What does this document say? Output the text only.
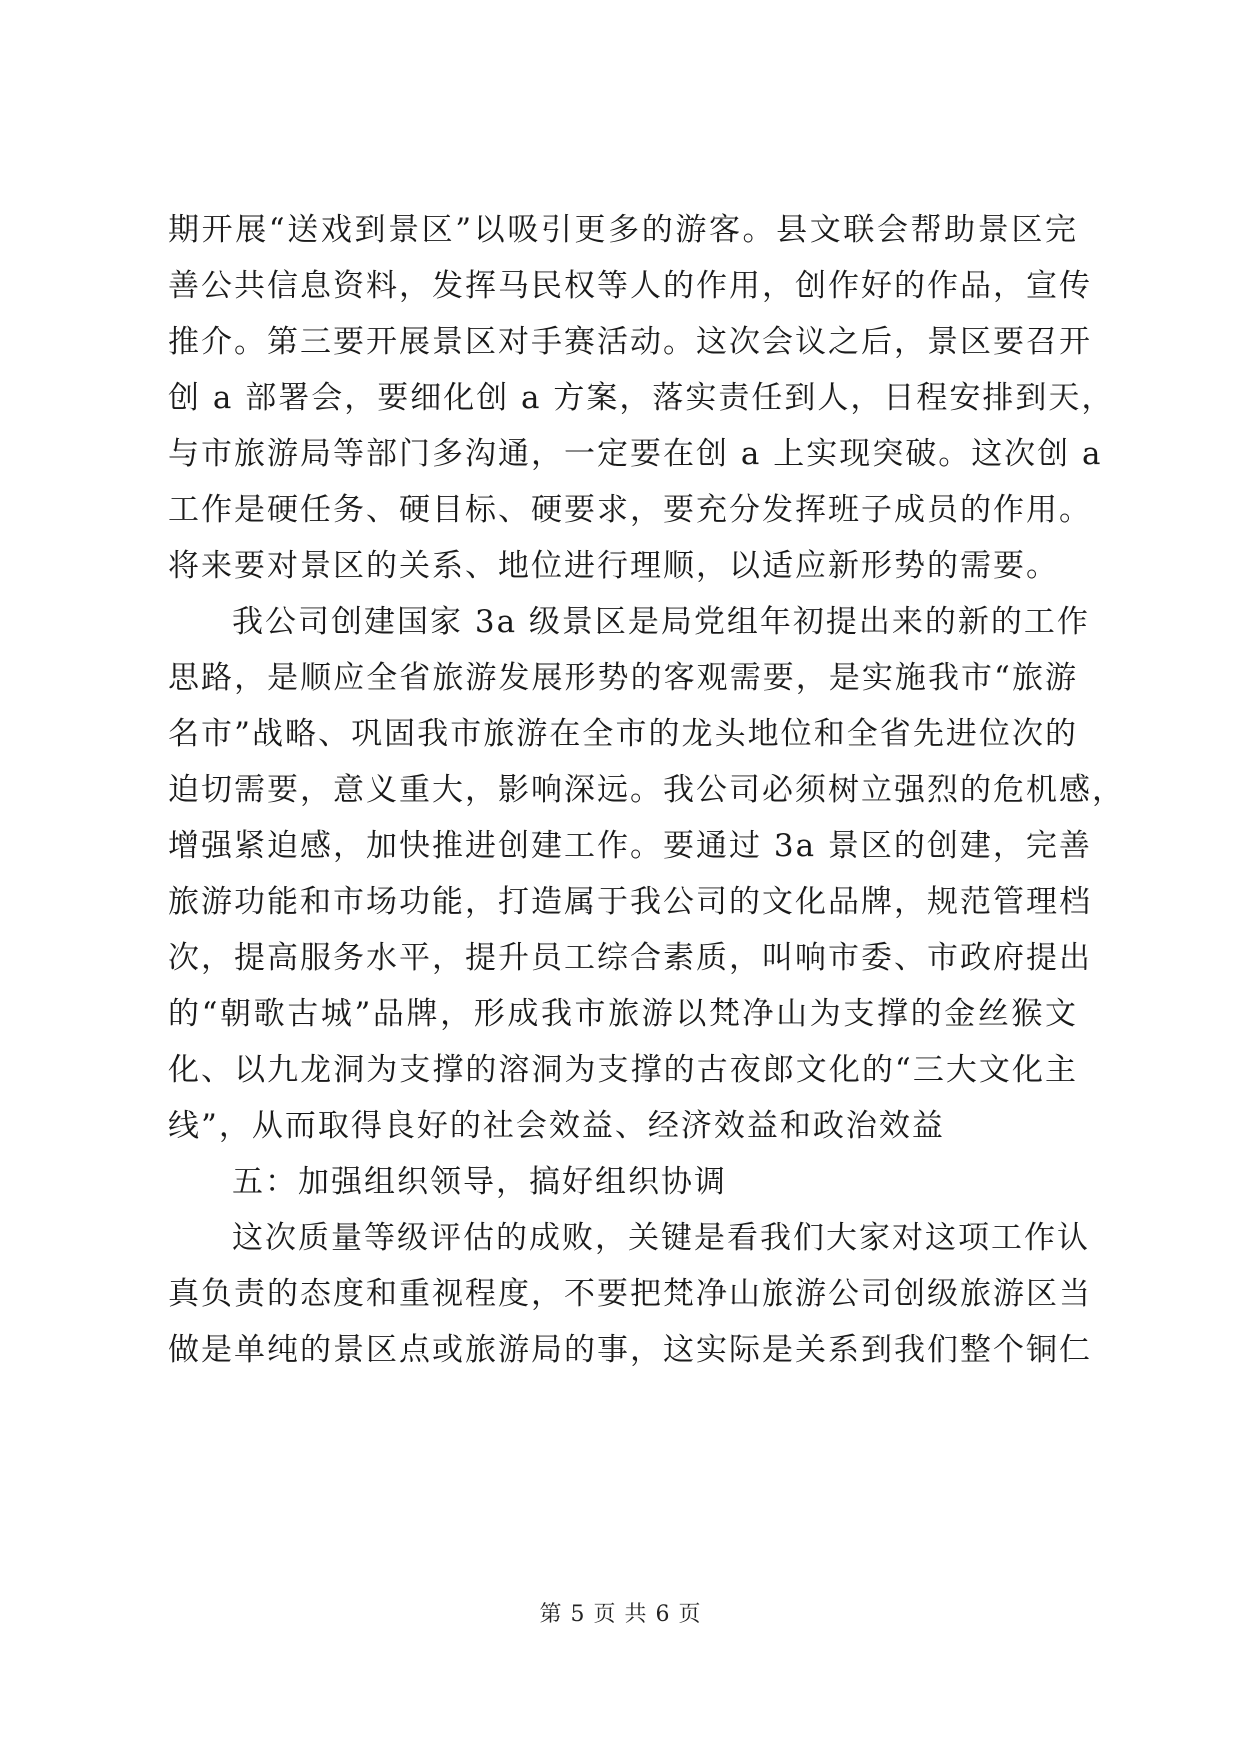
期开展“送戏到景区”以吸引更多的游客。县文联会帮助景区完
善公共信息资料，发挥马民权等人的作用，创作好的作品，宣传
推介。第三要开展景区对手赛活动。这次会议之后，景区要召开
创 a 部署会，要细化创 a 方案，落实责任到人，日程安排到天，
与市旅游局等部门多沟通，一定要在创 a 上实现突破。这次创 a
工作是硬任务、硬目标、硬要求，要充分发挥班子成员的作用。
将来要对景区的关系、地位进行理顺，以适应新形势的需要。
我公司创建国家 3a 级景区是局党组年初提出来的新的工作
思路，是顺应全省旅游发展形势的客观需要，是实施我市“旅游
名市”战略、巩固我市旅游在全市的龙头地位和全省先进位次的
迫切需要，意义重大，影响深远。我公司必须树立强烈的危机感，
增强紧迫感，加快推进创建工作。要通过 3a 景区的创建，完善
旅游功能和市场功能，打造属于我公司的文化品牌，规范管理档
次，提高服务水平，提升员工综合素质，叫响市委、市政府提出
的“朝歌古城”品牌，形成我市旅游以梵净山为支撑的金丝猴文
化、以九龙洞为支撑的溶洞为支撑的古夜郎文化的“三大文化主
线”，从而取得良好的社会效益、经济效益和政治效益
五：加强组织领导，搞好组织协调
这次质量等级评估的成败，关键是看我们大家对这项工作认
真负责的态度和重视程度，不要把梵净山旅游公司创级旅游区当
做是单纯的景区点或旅游局的事，这实际是关系到我们整个铜仁
第 5 页 共 6 页
